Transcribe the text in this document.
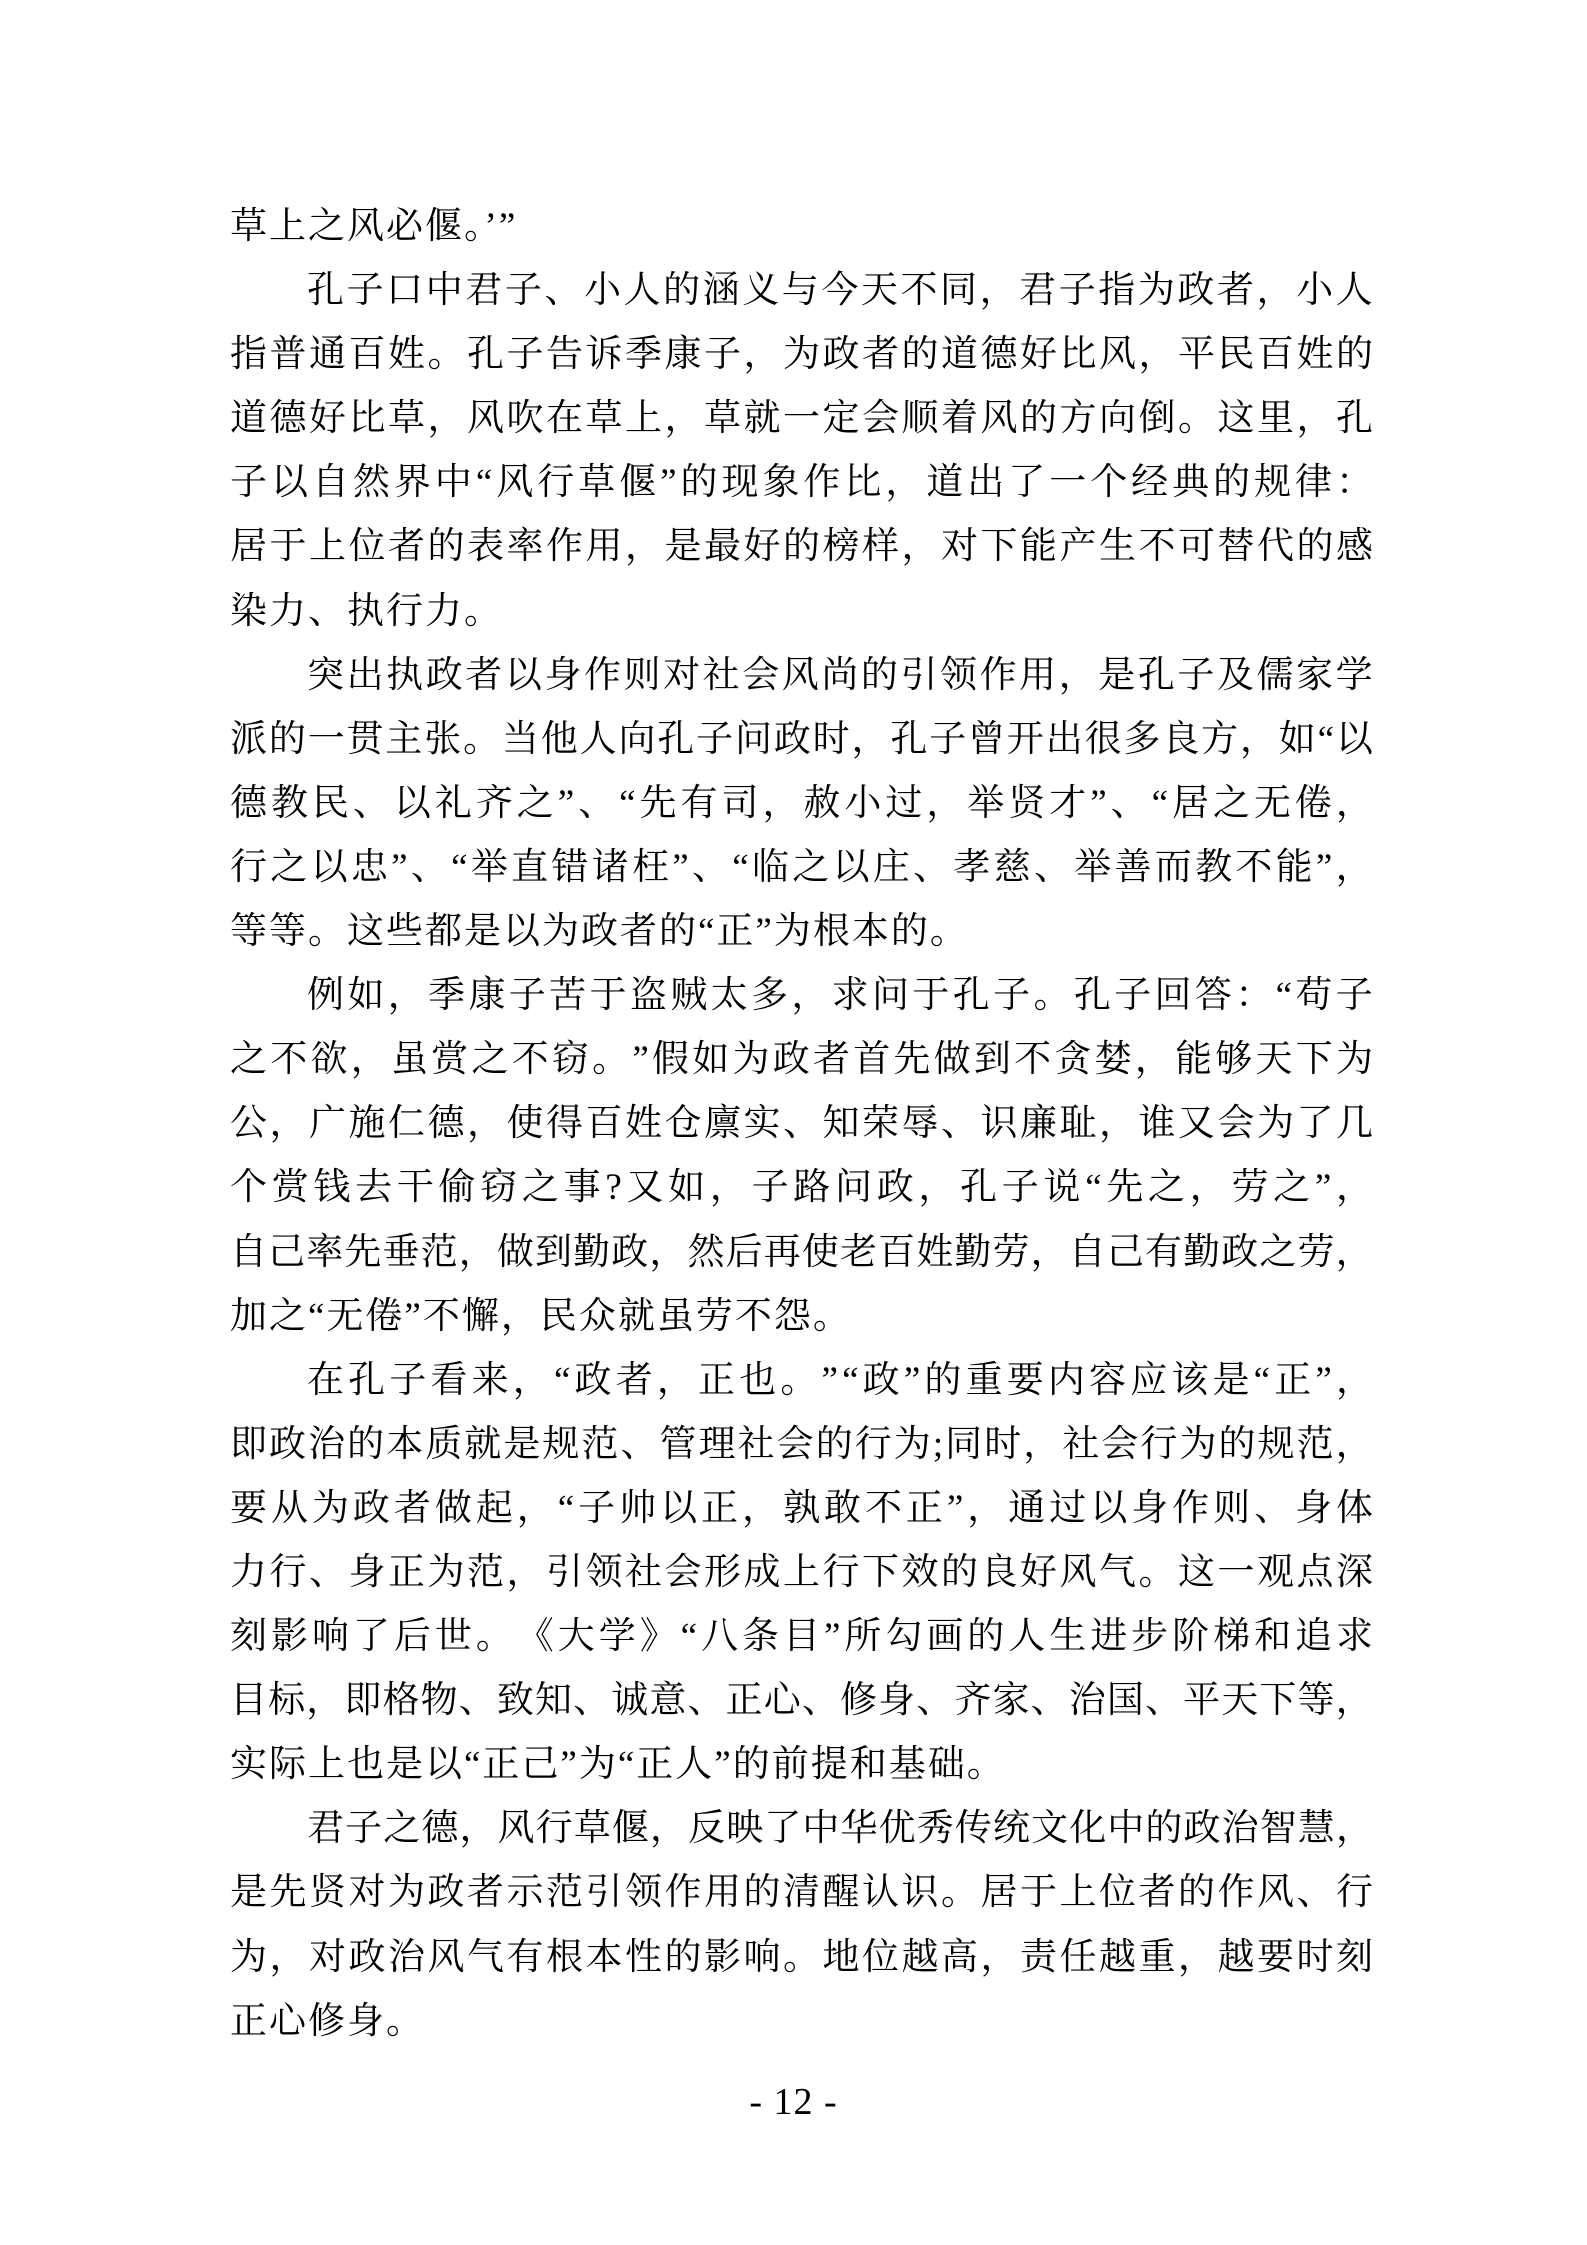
草上之风必偃。’”
孔 子 口 中 君 子 、 小 人 的 涵 义 与 今 天 不 同 ， 君 子 指 为 政 者 ， 小 人
指 普 通 百 姓 。 孔 子 告 诉 季 康 子 ， 为 政 者 的 道 德 好 比 风 ， 平 民 百 姓 的
道 德 好 比 草 ， 风 吹 在 草 上 ， 草 就 一 定 会 顺 着 风 的 方 向 倒 。 这 里 ， 孔
子 以 自 然 界 中 “ 风 行 草 偃 ” 的 现 象 作 比 ， 道 出 了 一 个 经 典 的 规 律 ：
居 于 上 位 者 的 表 率 作 用 ， 是 最 好 的 榜 样 ， 对 下 能 产 生 不 可 替 代 的 感
染力、执行力。
突 出 执 政 者 以 身 作 则 对 社 会 风 尚 的 引 领 作 用 ， 是 孔 子 及 儒 家 学
派 的 一 贯 主 张 。 当 他 人 向 孔 子 问 政 时 ， 孔 子 曾 开 出 很 多 良 方 ， 如 “ 以
德 教 民 、 以 礼 齐 之 ” 、 “ 先 有 司 ， 赦 小 过 ， 举 贤 才 ” 、 “ 居 之 无 倦 ，
行 之 以 忠 ” 、 “ 举 直 错 诸 枉 ” 、 “ 临 之 以 庄 、 孝 慈 、 举 善 而 教 不 能 ” ，
等等。这些都是以为政者的“正”为根本的。
例 如 ， 季 康 子 苦 于 盗 贼 太 多 ， 求 问 于 孔 子 。 孔 子 回 答 ： “ 苟 子
之 不 欲 ， 虽 赏 之 不 窃 。 ” 假 如 为 政 者 首 先 做 到 不 贪 婪 ， 能 够 天 下 为
公 ， 广 施 仁 德 ， 使 得 百 姓 仓 廪 实 、 知 荣 辱 、 识 廉 耻 ， 谁 又 会 为 了 几
个 赏 钱 去 干 偷 窃 之 事 ? 又 如 ， 子 路 问 政 ， 孔 子 说 “ 先 之 ， 劳 之 ” ，
自 己 率 先 垂 范 ， 做 到 勤 政 ， 然 后 再 使 老 百 姓 勤 劳 ， 自 己 有 勤 政 之 劳 ，
加之“无倦”不懈，民众就虽劳不怨。
在 孔 子 看 来 ， “ 政 者 ， 正 也 。 ” “ 政 ” 的 重 要 内 容 应 该 是 “ 正 ” ，
即 政 治 的 本 质 就 是 规 范 、 管 理 社 会 的 行 为 ; 同 时 ， 社 会 行 为 的 规 范 ，
要 从 为 政 者 做 起 ， “ 子 帅 以 正 ， 孰 敢 不 正 ” ， 通 过 以 身 作 则 、 身 体
力 行 、 身 正 为 范 ， 引 领 社 会 形 成 上 行 下 效 的 良 好 风 气 。 这 一 观 点 深
刻 影 响 了 后 世 。 《 大 学 》 “ 八 条 目 ” 所 勾 画 的 人 生 进 步 阶 梯 和 追 求
目 标 ， 即 格 物 、 致 知 、 诚 意 、 正 心 、 修 身 、 齐 家 、 治 国 、 平 天 下 等 ，
实际上也是以“正己”为“正人”的前提和基础。
君 子 之 德 ， 风 行 草 偃 ， 反 映 了 中 华 优 秀 传 统 文 化 中 的 政 治 智 慧 ，
是 先 贤 对 为 政 者 示 范 引 领 作 用 的 清 醒 认 识 。 居 于 上 位 者 的 作 风 、 行
为 ， 对 政 治 风 气 有 根 本 性 的 影 响 。 地 位 越 高 ， 责 任 越 重 ， 越 要 时 刻
正心修身。
- 12 -
